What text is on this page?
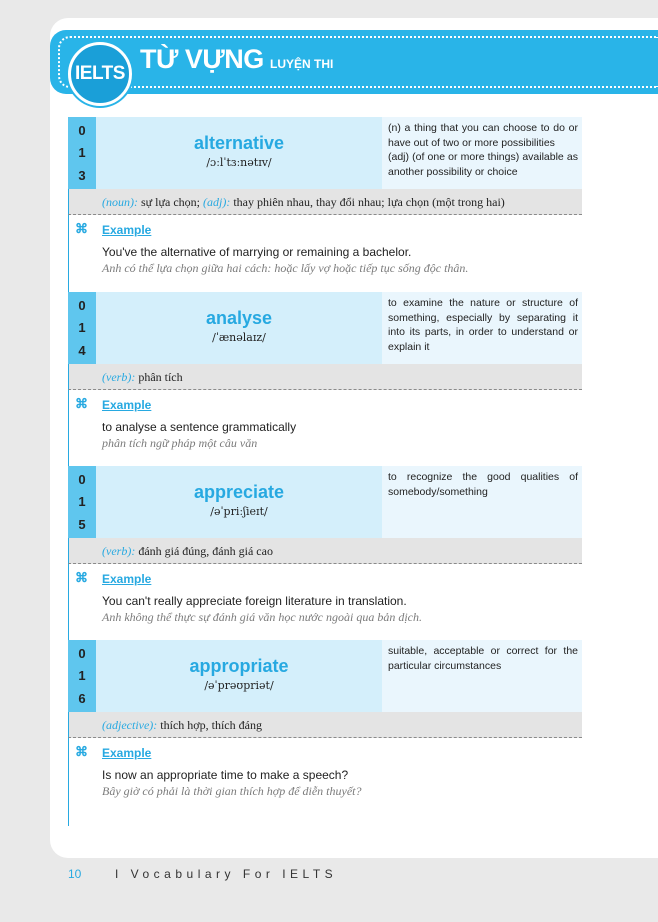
IELTS TỪ VỰNG LUYỆN THI
0
1
3
alternative
/ɔːlˈtɜːnətɪv/
(n) a thing that you can choose to do or have out of two or more possibilities
(adj) (of one or more things) available as another possibility or choice
(noun): sự lựa chọn; (adj): thay phiên nhau, thay đổi nhau; lựa chọn (một trong hai)
⌘ Example
You've the alternative of marrying or remaining a bachelor.
Anh có thể lựa chọn giữa hai cách: hoặc lấy vợ hoặc tiếp tục sống độc thân.
0
1
4
analyse
/ˈænəlaɪz/
to examine the nature or structure of something, especially by separating it into its parts, in order to understand or explain it
(verb): phân tích
⌘ Example
to analyse a sentence grammatically
phân tích ngữ pháp một câu văn
0
1
5
appreciate
/əˈpriːʃieɪt/
to recognize the good qualities of somebody/something
(verb): đánh giá đúng, đánh giá cao
⌘ Example
You can't really appreciate foreign literature in translation.
Anh không thể thực sự đánh giá văn học nước ngoài qua bản dịch.
0
1
6
appropriate
/əˈprəʊpriət/
suitable, acceptable or correct for the particular circumstances
(adjective): thích hợp, thích đáng
⌘ Example
Is now an appropriate time to make a speech?
Bây giờ có phải là thời gian thích hợp để diễn thuyết?
10	I Vocabulary For IELTS
